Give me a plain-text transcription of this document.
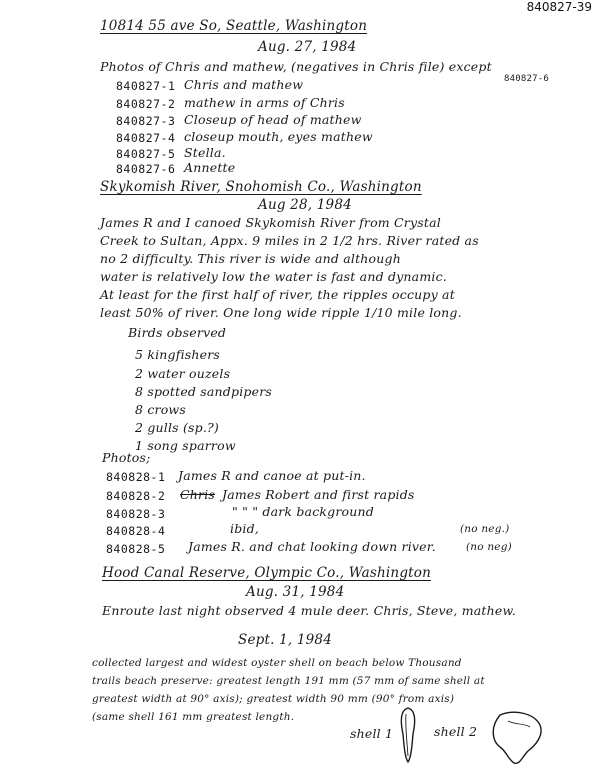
840827-39
10814 55 ave So, Seattle, Washington
Aug. 27, 1984
Photos of Chris and mathew, (negatives in Chris file) except
840827-6
840827-1 Chris and mathew
840827-2 mathew in arms of Chris
840827-3 Closeup of head of mathew
840827-4 closeup mouth, eyes mathew
840827-5 Stella.
840827-6 Annette
Skykomish River, Snohomish Co., Washington
Aug 28, 1984
James R and I canoed Skykomish River from Crystal
Creek to Sultan, Appx. 9 miles in 2 1/2 hrs. River rated as
no 2 difficulty. This river is wide and although
water is relatively low the water is fast and dynamic.
At least for the first half of river, the ripples occupy at
least 50% of river. One long wide ripple 1/10 mile long.
Birds observed
5 kingfishers
2 water ouzels
8 spotted sandpipers
8 crows
2 gulls (sp.?)
1 song sparrow
Photos;
840828-1 James R and canoe at put-in.
840828-2 Chris James Robert and first rapids
840828-3	" " " dark background
840828-4	ibid,	(no neg.)
840828-5 James R. and chat looking down river.	(no neg)
Hood Canal Reserve, Olympic Co., Washington
Aug. 31, 1984
Enroute last night observed 4 mule deer. Chris, Steve, mathew.
Sept. 1, 1984
collected largest and widest oyster shell on beach below Thousand
trails beach preserve: greatest length 191 mm (57 mm of same shell at
greatest width at 90° axis); greatest width 90 mm (90° from axis)
(same shell 161 mm greatest length.
shell 1	shell 2
